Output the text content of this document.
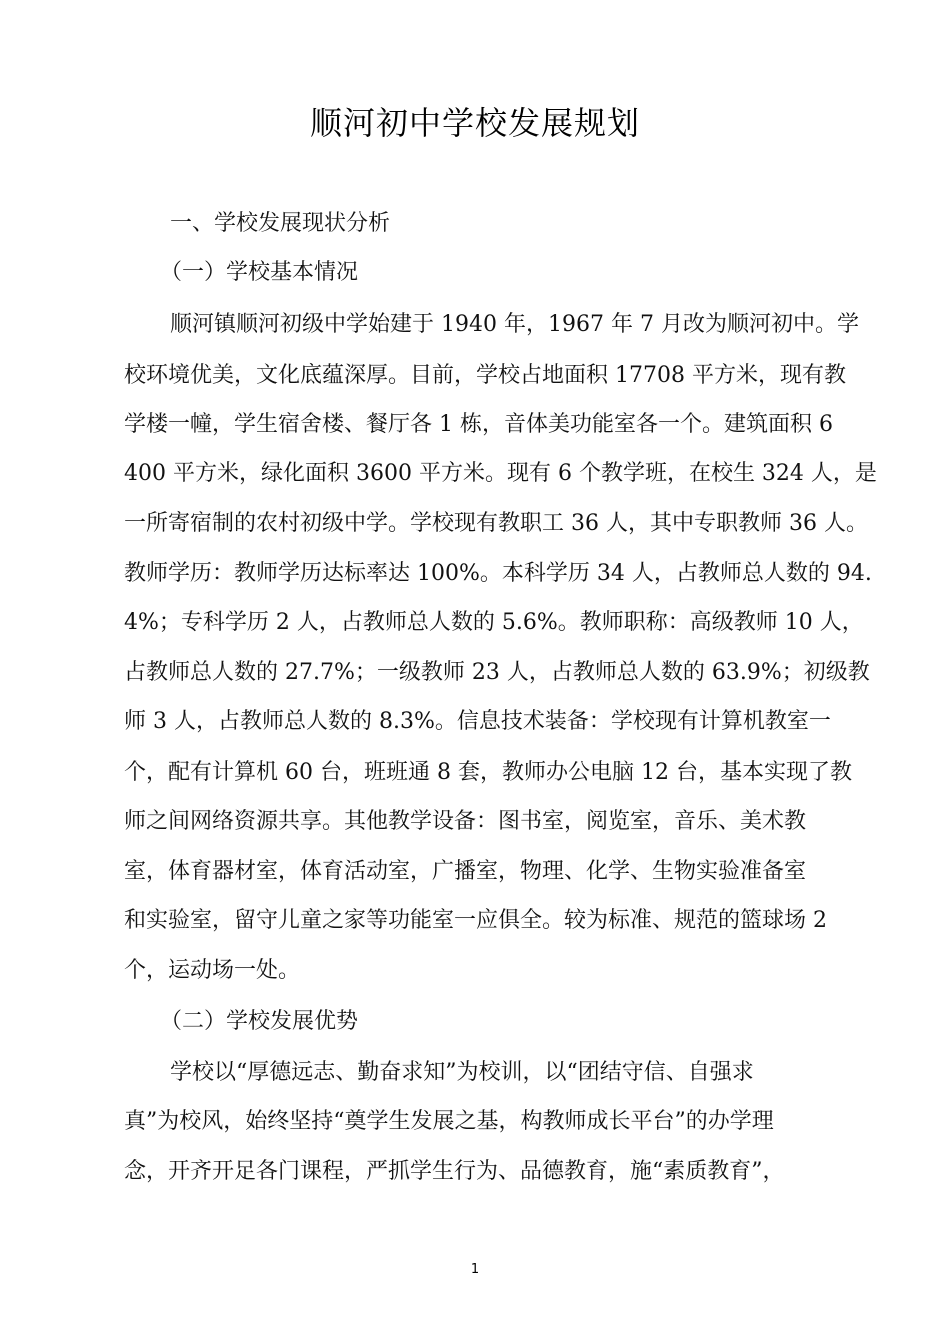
顺河初中学校发展规划
一、学校发展现状分析
（一）学校基本情况
顺河镇顺河初级中学始建于 1940 年，1967 年 7 月改为顺河初中。学
校环境优美，文化底蕴深厚。目前，学校占地面积 17708 平方米，现有教
学楼一幢，学生宿舍楼、餐厅各 1 栋，音体美功能室各一个。建筑面积 6
400 平方米，绿化面积 3600 平方米。现有 6 个教学班，在校生 324 人，是
一所寄宿制的农村初级中学。学校现有教职工 36 人，其中专职教师 36 人。
教师学历：教师学历达标率达 100%。本科学历 34 人，占教师总人数的 94.
4%；专科学历 2 人，占教师总人数的 5.6%。教师职称：高级教师 10 人，
占教师总人数的 27.7%；一级教师 23 人，占教师总人数的 63.9%；初级教
师 3 人，占教师总人数的 8.3%。信息技术装备：学校现有计算机教室一
个，配有计算机 60 台，班班通 8 套，教师办公电脑 12 台，基本实现了教
师之间网络资源共享。其他教学设备：图书室，阅览室，音乐、美术教
室，体育器材室，体育活动室，广播室，物理、化学、生物实验准备室
和实验室，留守儿童之家等功能室一应俱全。较为标准、规范的篮球场 2
个，运动场一处。
（二）学校发展优势
学校以“厚德远志、勤奋求知”为校训，以“团结守信、自强求
真”为校风，始终坚持“奠学生发展之基，构教师成长平台”的办学理
念，开齐开足各门课程，严抓学生行为、品德教育，施“素质教育”，
1
